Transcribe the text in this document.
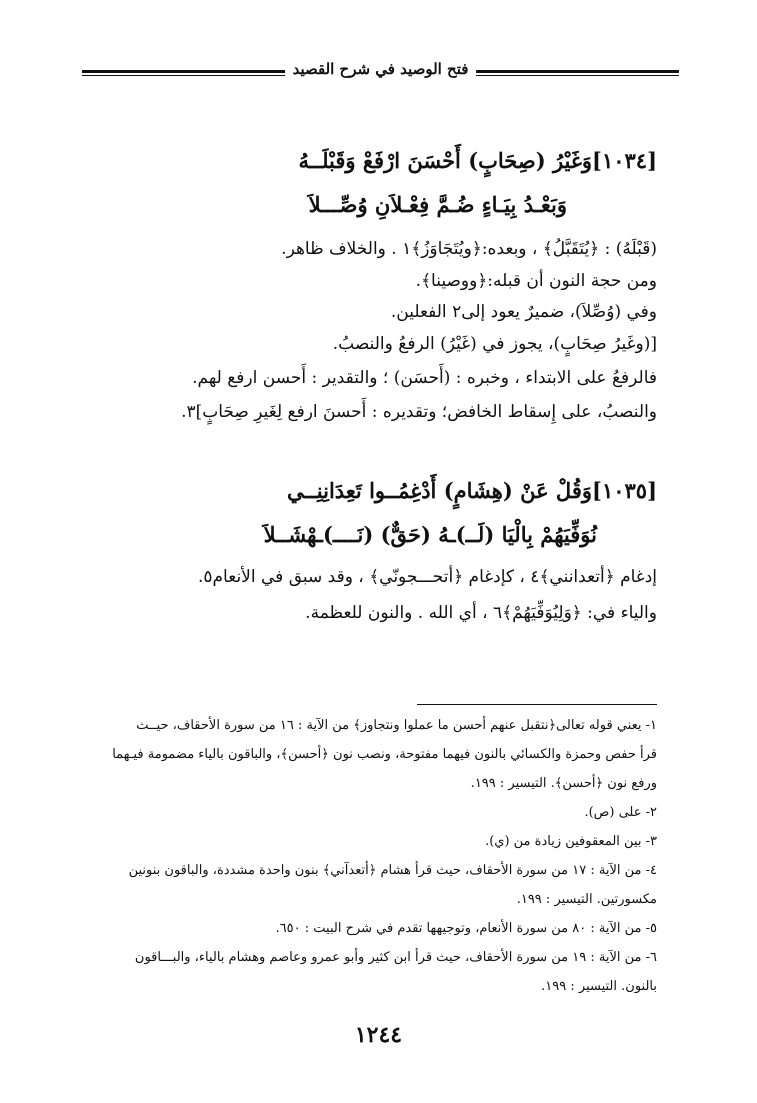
فتح الوصيد في شرح القصيد
[١٠٣٤]وَغَيْرُ (صِحَابٍ) أَحْسَنَ ارْفَعْ وَقَبْلَــهُ
وَبَعْـدُ بِيَـاءٍ ضُـمَّ فِعْـلاَنِ وُصِّـــلاَ
(قَبْلَهُ) : ﴿يُتَقَبَّلُ﴾ ، وبعده:﴿ويُتَجَاوَزُ﴾١ . والخلاف ظاهر.
ومن حجة النون أن قبله:﴿ووصينا﴾.
وفي (وُصِّلاَ)، ضميرٌ يعود إلى٢ الفعلين.
[(وغَيرُ صِحَابٍ)، يجوز في (غَيْرُ) الرفعُ والنصبُ.
فالرفعُ على الابتداء ، وخبره : (أَحسَن) ؛ والتقدير : أَحسن ارفع لهم.
والنصبُ، على إِسقاط الخافض؛ وتقديره : أَحسنَ ارفع لِغَيرِ صِحَابٍ]٣.
[١٠٣٥]وَقُلْ عَنْ (هِشَامٍ) أَدْغِمُــوا تَعِدَانِنِــي
نُوَفِّيَهُمْ بِالْيَا (لَــ)ـهُ (حَقٌّ) (نَــــ)ـهْشَــلاَ
إدغام ﴿أتعدانني﴾٤ ، كإدغام ﴿أتحـــجونّي﴾ ، وقد سبق في الأنعام٥.
والياء في: ﴿وَلِيُوَفِّيَهُمْ﴾٦ ، أي الله . والنون للعظمة.
١- يعني قوله تعالى﴿نتقبل عنهم أحسن ما عملوا ونتجاوز﴾ من الآية : ١٦ من سورة الأحقاف، حيــث
قرأ حفص وحمزة والكسائي بالنون فيهما مفتوحة، ونصب نون ﴿أحسن﴾، والباقون بالياء مضمومة فيـهما
ورفع نون ﴿أحسن﴾. التيسير : ١٩٩.
٢- على (ص).
٣- بين المعقوفين زيادة من (ي).
٤- من الآية : ١٧ من سورة الأحقاف، حيث قرأ هشام ﴿أتعدآني﴾ بنون واحدة مشددة، والباقون بنونين
مكسورتين. التيسير : ١٩٩.
٥- من الآية : ٨٠ من سورة الأنعام، وتوجيهها تقدم في شرح البيت : ٦٥٠.
٦- من الآية : ١٩ من سورة الأحقاف، حيث قرأ ابن كثير وأبو عمرو وعاصم وهشام بالياء، والبـــاقون
بالنون. التيسير : ١٩٩.
١٢٤٤
